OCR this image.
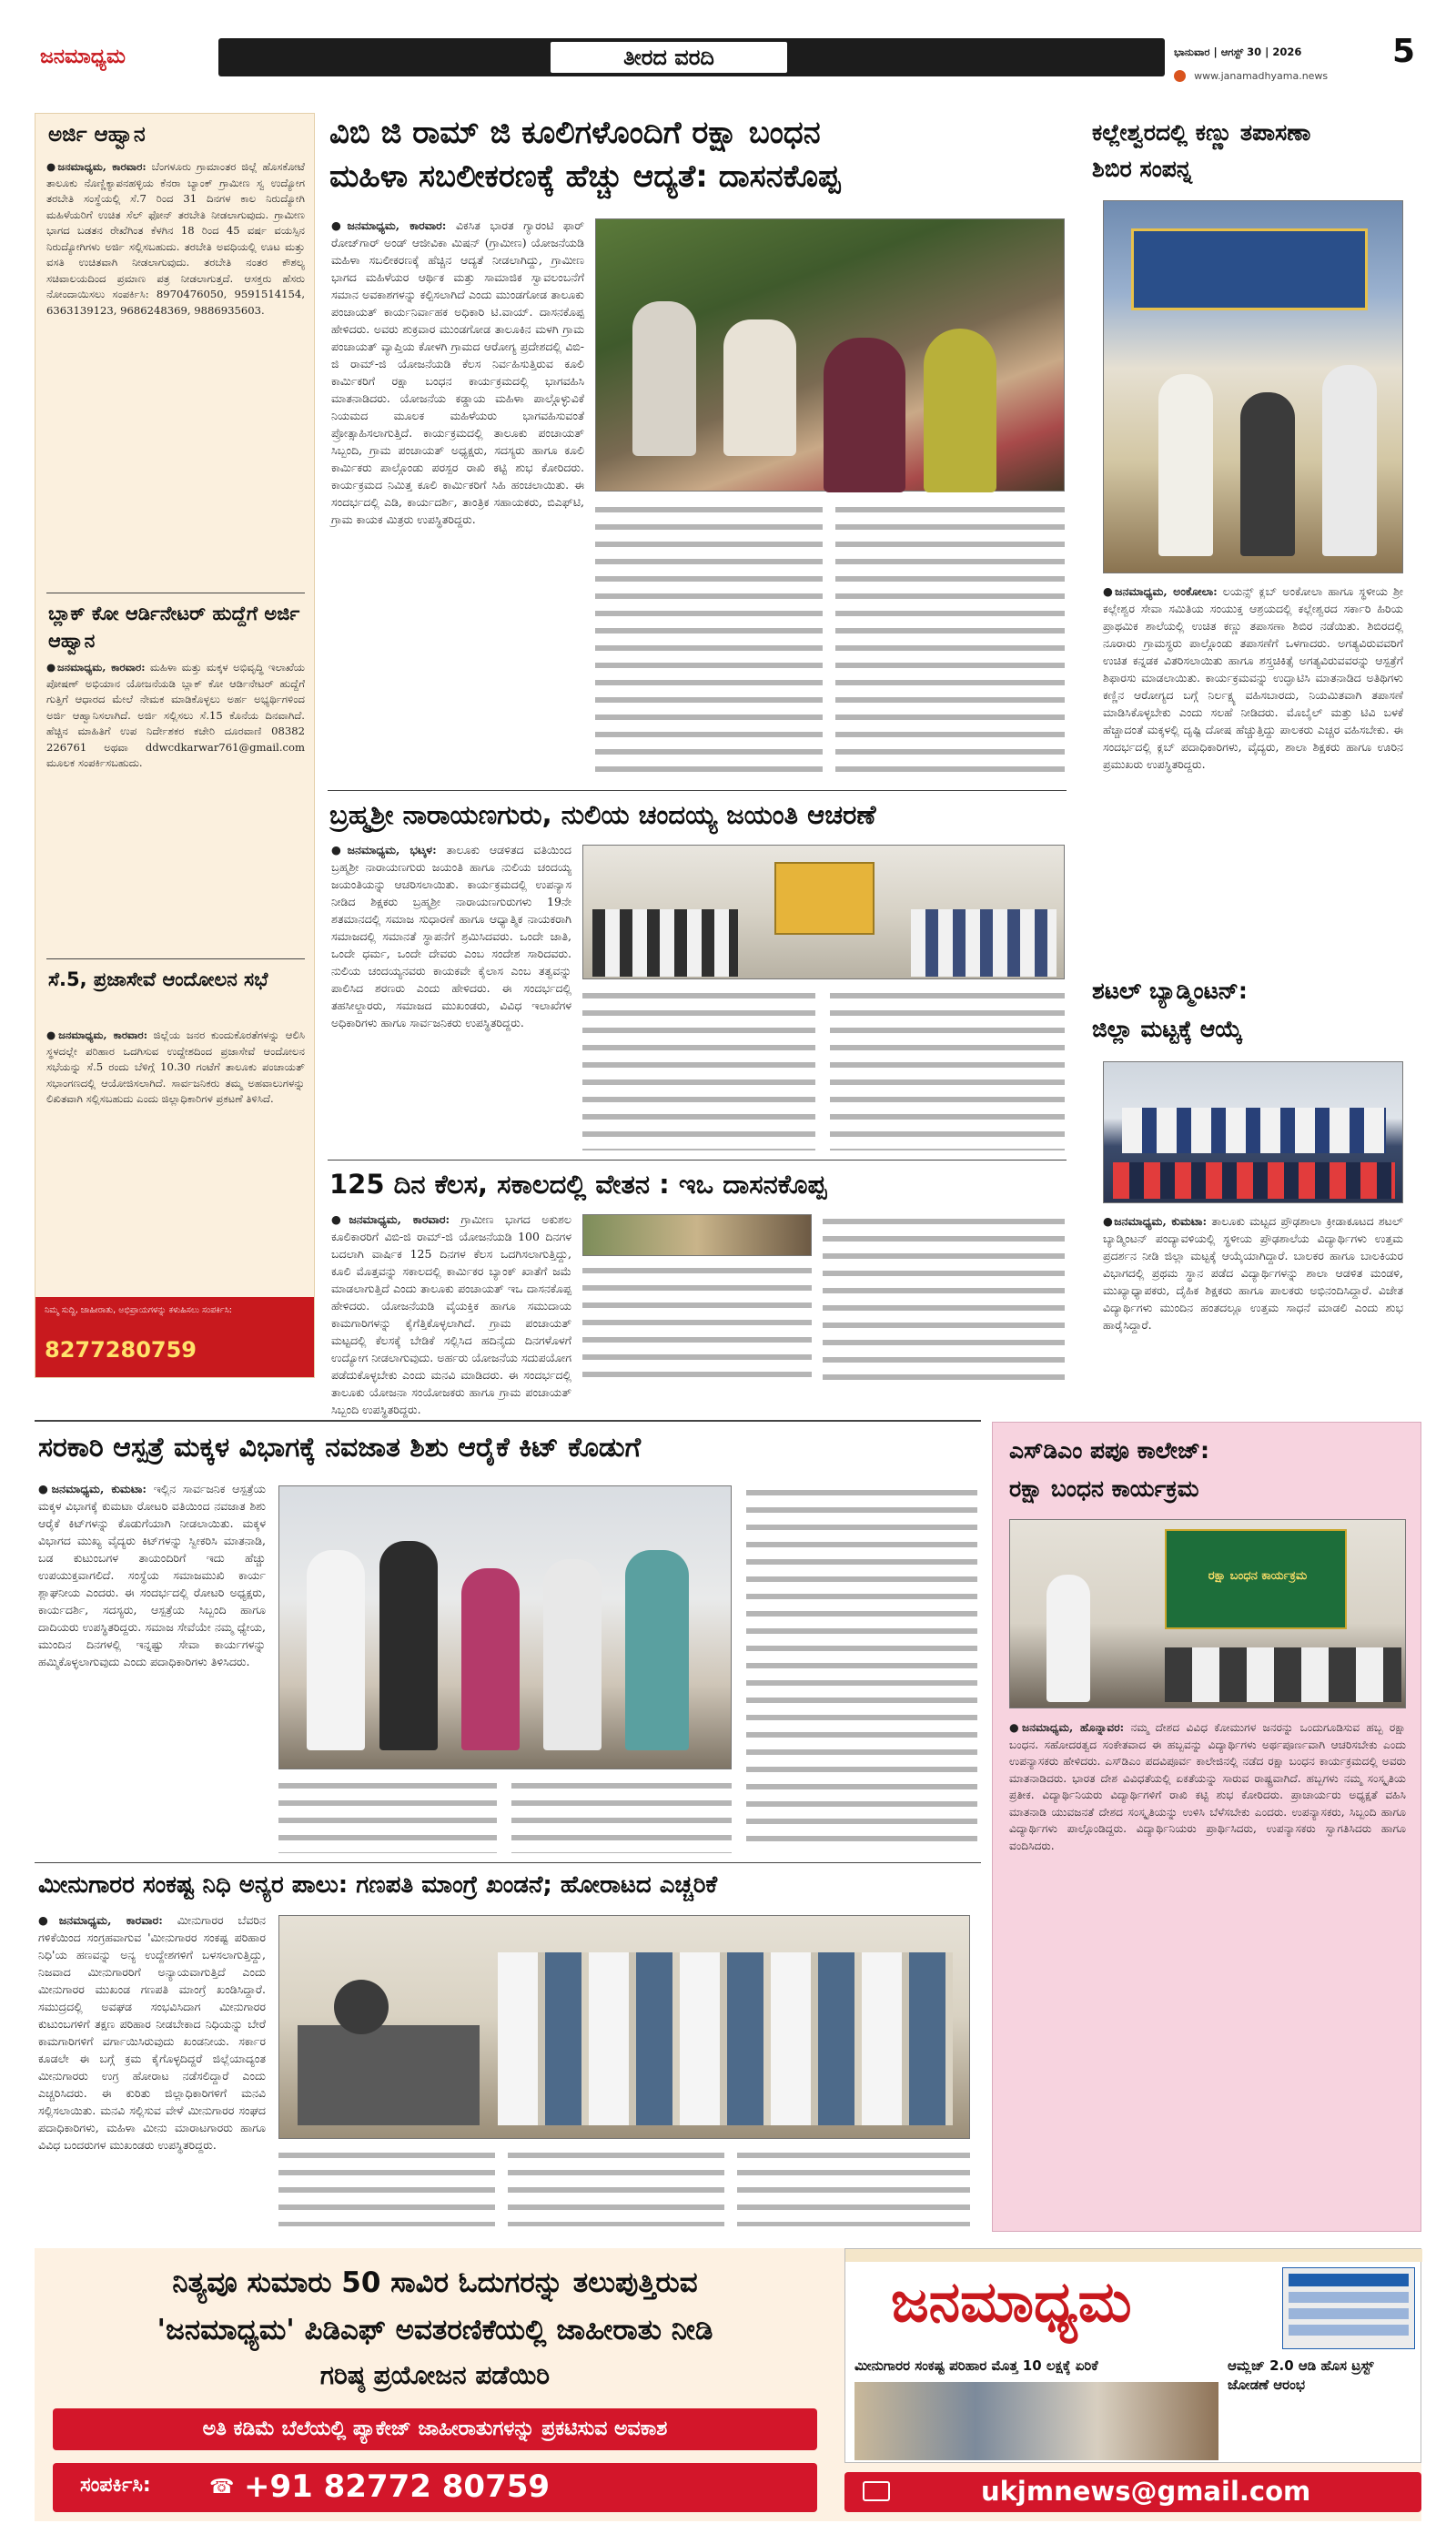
ಜನಮಾಧ್ಯಮ	ತೀರದ ವರದಿ	ಭಾನುವಾರ | ಆಗಸ್ಟ್ 30 | 2026	5
www.janamadhyama.news
ಅರ್ಜಿ ಆಹ್ವಾನ
●ಜನಮಾಧ್ಯಮ, ಕಾರವಾರ: ಬೆಂಗಳೂರು ಗ್ರಾಮಾಂತರ ಜಿಲ್ಲೆ ಹೊಸಕೋಟೆ ತಾಲೂಕು ನೊಣ್ಣಿಕ್ಯಾಪನಹಳ್ಳಿಯ ಕೆನರಾ ಬ್ಯಾಂಕ್ ಗ್ರಾಮೀಣ ಸ್ವ ಉದ್ಯೋಗ ತರಬೇತಿ ಸಂಸ್ಥೆಯಲ್ಲಿ ಸೆ.7 ರಿಂದ 31 ದಿನಗಳ ಕಾಲ ನಿರುದ್ಯೋಗಿ ಮಹಿಳೆಯರಿಗೆ ಉಚಿತ ಸೆಲ್ ಫೋನ್ ತರಬೇತಿ ನೀಡಲಾಗುವುದು. ಗ್ರಾಮೀಣ ಭಾಗದ ಬಡತನ ರೇಖೆಗಿಂತ ಕೆಳಗಿನ 18 ರಿಂದ 45 ವರ್ಷ ವಯಸ್ಸಿನ ನಿರುದ್ಯೋಗಿಗಳು ಅರ್ಜಿ ಸಲ್ಲಿಸಬಹುದು. ತರಬೇತಿ ಅವಧಿಯಲ್ಲಿ ಊಟ ಮತ್ತು ವಸತಿ ಉಚಿತವಾಗಿ ನೀಡಲಾಗುವುದು. ತರಬೇತಿ ನಂತರ ಕೌಶಲ್ಯ ಸಚಿವಾಲಯದಿಂದ ಪ್ರಮಾಣ ಪತ್ರ ನೀಡಲಾಗುತ್ತದೆ. ಆಸಕ್ತರು ಹೆಸರು ನೋಂದಾಯಿಸಲು ಸಂಪರ್ಕಿಸಿ: 8970476050, 9591514154, 6363139123, 9686248369, 9886935603.
ಬ್ಲಾಕ್ ಕೋ ಆರ್ಡಿನೇಟರ್ ಹುದ್ದೆಗೆ ಅರ್ಜಿ ಆಹ್ವಾನ
●ಜನಮಾಧ್ಯಮ, ಕಾರವಾರ: ಮಹಿಳಾ ಮತ್ತು ಮಕ್ಕಳ ಅಭಿವೃದ್ಧಿ ಇಲಾಖೆಯ ಪೋಷಣ್ ಅಭಿಯಾನ ಯೋಜನೆಯಡಿ ಬ್ಲಾಕ್ ಕೋ ಆರ್ಡಿನೇಟರ್ ಹುದ್ದೆಗೆ ಗುತ್ತಿಗೆ ಆಧಾರದ ಮೇಲೆ ನೇಮಕ ಮಾಡಿಕೊಳ್ಳಲು ಅರ್ಹ ಅಭ್ಯರ್ಥಿಗಳಿಂದ ಅರ್ಜಿ ಆಹ್ವಾನಿಸಲಾಗಿದೆ. ಅರ್ಜಿ ಸಲ್ಲಿಸಲು ಸೆ.15 ಕೊನೆಯ ದಿನವಾಗಿದೆ. ಹೆಚ್ಚಿನ ಮಾಹಿತಿಗೆ ಉಪ ನಿರ್ದೇಶಕರ ಕಚೇರಿ ದೂರವಾಣಿ 08382 226761 ಅಥವಾ ddwcdkarwar761@gmail.com ಮೂಲಕ ಸಂಪರ್ಕಿಸಬಹುದು.
ಸೆ.5, ಪ್ರಜಾಸೇವೆ ಆಂದೋಲನ ಸಭೆ
●ಜನಮಾಧ್ಯಮ, ಕಾರವಾರ: ಜಿಲ್ಲೆಯ ಜನರ ಕುಂದುಕೊರತೆಗಳನ್ನು ಆಲಿಸಿ ಸ್ಥಳದಲ್ಲೇ ಪರಿಹಾರ ಒದಗಿಸುವ ಉದ್ದೇಶದಿಂದ ಪ್ರಜಾಸೇವೆ ಆಂದೋಲನ ಸಭೆಯನ್ನು ಸೆ.5 ರಂದು ಬೆಳಿಗ್ಗೆ 10.30 ಗಂಟೆಗೆ ತಾಲೂಕು ಪಂಚಾಯತ್ ಸಭಾಂಗಣದಲ್ಲಿ ಆಯೋಜಿಸಲಾಗಿದೆ. ಸಾರ್ವಜನಿಕರು ತಮ್ಮ ಅಹವಾಲುಗಳನ್ನು ಲಿಖಿತವಾಗಿ ಸಲ್ಲಿಸಬಹುದು ಎಂದು ಜಿಲ್ಲಾಧಿಕಾರಿಗಳ ಪ್ರಕಟಣೆ ತಿಳಿಸಿದೆ.
ನಿಮ್ಮ ಸುದ್ದಿ, ಜಾಹೀರಾತು, ಅಭಿಪ್ರಾಯಗಳನ್ನು ಕಳುಹಿಸಲು ಸಂಪರ್ಕಿಸಿ:
8277280759
ವಿಬಿ ಜಿ ರಾಮ್ ಜಿ ಕೂಲಿಗಳೊಂದಿಗೆ ರಕ್ಷಾ ಬಂಧನ
ಮಹಿಳಾ ಸಬಲೀಕರಣಕ್ಕೆ ಹೆಚ್ಚು ಆದ್ಯತೆ: ದಾಸನಕೊಪ್ಪ
●ಜನಮಾಧ್ಯಮ, ಕಾರವಾರ: ವಿಕಸಿತ ಭಾರತ ಗ್ಯಾರಂಟಿ ಫಾರ್ ರೋಜ್‌ಗಾರ್ ಅಂಡ್ ಆಜೀವಿಕಾ ಮಿಷನ್ (ಗ್ರಾಮೀಣ) ಯೋಜನೆಯಡಿ ಮಹಿಳಾ ಸಬಲೀಕರಣಕ್ಕೆ ಹೆಚ್ಚಿನ ಆದ್ಯತೆ ನೀಡಲಾಗಿದ್ದು, ಗ್ರಾಮೀಣ ಭಾಗದ ಮಹಿಳೆಯರ ಆರ್ಥಿಕ ಮತ್ತು ಸಾಮಾಜಿಕ ಸ್ವಾವಲಂಬನೆಗೆ ಸಮಾನ ಅವಕಾಶಗಳನ್ನು ಕಲ್ಪಿಸಲಾಗಿದೆ ಎಂದು ಮುಂಡಗೋಡ ತಾಲೂಕು ಪಂಚಾಯತ್ ಕಾರ್ಯನಿರ್ವಾಹಕ ಅಧಿಕಾರಿ ಟಿ.ವಾಯ್. ದಾಸನಕೊಪ್ಪ ಹೇಳಿದರು. ಅವರು ಶುಕ್ರವಾರ ಮುಂಡಗೋಡ ತಾಲೂಕಿನ ಮಳಗಿ ಗ್ರಾಮ ಪಂಚಾಯತ್ ವ್ಯಾಪ್ತಿಯ ಕೋಳಗಿ ಗ್ರಾಮದ ಆರೋಗ್ಯ ಪ್ರದೇಶದಲ್ಲಿ ವಿಬಿ-ಜಿ ರಾಮ್-ಜಿ ಯೋಜನೆಯಡಿ ಕೆಲಸ ನಿರ್ವಹಿಸುತ್ತಿರುವ ಕೂಲಿ ಕಾರ್ಮಿಕರಿಗೆ ರಕ್ಷಾ ಬಂಧನ ಕಾರ್ಯಕ್ರಮದಲ್ಲಿ ಭಾಗವಹಿಸಿ ಮಾತನಾಡಿದರು. ಯೋಜನೆಯ ಕಡ್ಡಾಯ ಮಹಿಳಾ ಪಾಲ್ಗೊಳ್ಳುವಿಕೆ ನಿಯಮದ ಮೂಲಕ ಮಹಿಳೆಯರು ಭಾಗವಹಿಸುವಂತೆ ಪ್ರೋತ್ಸಾಹಿಸಲಾಗುತ್ತಿದೆ. ಕಾರ್ಯಕ್ರಮದಲ್ಲಿ ತಾಲೂಕು ಪಂಚಾಯತ್ ಸಿಬ್ಬಂದಿ, ಗ್ರಾಮ ಪಂಚಾಯತ್ ಅಧ್ಯಕ್ಷರು, ಸದಸ್ಯರು ಹಾಗೂ ಕೂಲಿ ಕಾರ್ಮಿಕರು ಪಾಲ್ಗೊಂಡು ಪರಸ್ಪರ ರಾಖಿ ಕಟ್ಟಿ ಶುಭ ಕೋರಿದರು. ಕಾರ್ಯಕ್ರಮದ ನಿಮಿತ್ತ ಕೂಲಿ ಕಾರ್ಮಿಕರಿಗೆ ಸಿಹಿ ಹಂಚಲಾಯಿತು. ಈ ಸಂದರ್ಭದಲ್ಲಿ ಎಡಿ, ಕಾರ್ಯದರ್ಶಿ, ತಾಂತ್ರಿಕ ಸಹಾಯಕರು, ಬಿಎಫ್‌ಟಿ, ಗ್ರಾಮ ಕಾಯಕ ಮಿತ್ರರು ಉಪಸ್ಥಿತರಿದ್ದರು.
ಕಲ್ಲೇಶ್ವರದಲ್ಲಿ ಕಣ್ಣು ತಪಾಸಣಾ
ಶಿಬಿರ ಸಂಪನ್ನ
●ಜನಮಾಧ್ಯಮ, ಅಂಕೋಲಾ: ಲಯನ್ಸ್ ಕ್ಲಬ್ ಅಂಕೋಲಾ ಹಾಗೂ ಸ್ಥಳೀಯ ಶ್ರೀ ಕಲ್ಲೇಶ್ವರ ಸೇವಾ ಸಮಿತಿಯ ಸಂಯುಕ್ತ ಆಶ್ರಯದಲ್ಲಿ ಕಲ್ಲೇಶ್ವರದ ಸರ್ಕಾರಿ ಹಿರಿಯ ಪ್ರಾಥಮಿಕ ಶಾಲೆಯಲ್ಲಿ ಉಚಿತ ಕಣ್ಣು ತಪಾಸಣಾ ಶಿಬಿರ ನಡೆಯಿತು. ಶಿಬಿರದಲ್ಲಿ ನೂರಾರು ಗ್ರಾಮಸ್ಥರು ಪಾಲ್ಗೊಂಡು ತಪಾಸಣೆಗೆ ಒಳಗಾದರು. ಅಗತ್ಯವಿರುವವರಿಗೆ ಉಚಿತ ಕನ್ನಡಕ ವಿತರಿಸಲಾಯಿತು ಹಾಗೂ ಶಸ್ತ್ರಚಿಕಿತ್ಸೆ ಅಗತ್ಯವಿರುವವರನ್ನು ಆಸ್ಪತ್ರೆಗೆ ಶಿಫಾರಸು ಮಾಡಲಾಯಿತು. ಕಾರ್ಯಕ್ರಮವನ್ನು ಉದ್ಘಾಟಿಸಿ ಮಾತನಾಡಿದ ಅತಿಥಿಗಳು ಕಣ್ಣಿನ ಆರೋಗ್ಯದ ಬಗ್ಗೆ ನಿರ್ಲಕ್ಷ್ಯ ವಹಿಸಬಾರದು, ನಿಯಮಿತವಾಗಿ ತಪಾಸಣೆ ಮಾಡಿಸಿಕೊಳ್ಳಬೇಕು ಎಂದು ಸಲಹೆ ನೀಡಿದರು. ಮೊಬೈಲ್ ಮತ್ತು ಟಿವಿ ಬಳಕೆ ಹೆಚ್ಚಾದಂತೆ ಮಕ್ಕಳಲ್ಲಿ ದೃಷ್ಟಿ ದೋಷ ಹೆಚ್ಚುತ್ತಿದ್ದು ಪಾಲಕರು ಎಚ್ಚರ ವಹಿಸಬೇಕು. ಈ ಸಂದರ್ಭದಲ್ಲಿ ಕ್ಲಬ್ ಪದಾಧಿಕಾರಿಗಳು, ವೈದ್ಯರು, ಶಾಲಾ ಶಿಕ್ಷಕರು ಹಾಗೂ ಊರಿನ ಪ್ರಮುಖರು ಉಪಸ್ಥಿತರಿದ್ದರು.
ಶಟಲ್ ಬ್ಯಾಡ್ಮಿಂಟನ್:
ಜಿಲ್ಲಾ ಮಟ್ಟಕ್ಕೆ ಆಯ್ಕೆ
●ಜನಮಾಧ್ಯಮ, ಕುಮಟಾ: ತಾಲೂಕು ಮಟ್ಟದ ಪ್ರೌಢಶಾಲಾ ಕ್ರೀಡಾಕೂಟದ ಶಟಲ್ ಬ್ಯಾಡ್ಮಿಂಟನ್ ಪಂದ್ಯಾವಳಿಯಲ್ಲಿ ಸ್ಥಳೀಯ ಪ್ರೌಢಶಾಲೆಯ ವಿದ್ಯಾರ್ಥಿಗಳು ಉತ್ತಮ ಪ್ರದರ್ಶನ ನೀಡಿ ಜಿಲ್ಲಾ ಮಟ್ಟಕ್ಕೆ ಆಯ್ಕೆಯಾಗಿದ್ದಾರೆ. ಬಾಲಕರ ಹಾಗೂ ಬಾಲಕಿಯರ ವಿಭಾಗದಲ್ಲಿ ಪ್ರಥಮ ಸ್ಥಾನ ಪಡೆದ ವಿದ್ಯಾರ್ಥಿಗಳನ್ನು ಶಾಲಾ ಆಡಳಿತ ಮಂಡಳಿ, ಮುಖ್ಯಾಧ್ಯಾಪಕರು, ದೈಹಿಕ ಶಿಕ್ಷಕರು ಹಾಗೂ ಪಾಲಕರು ಅಭಿನಂದಿಸಿದ್ದಾರೆ. ವಿಜೇತ ವಿದ್ಯಾರ್ಥಿಗಳು ಮುಂದಿನ ಹಂತದಲ್ಲೂ ಉತ್ತಮ ಸಾಧನೆ ಮಾಡಲಿ ಎಂದು ಶುಭ ಹಾರೈಸಿದ್ದಾರೆ.
ಬ್ರಹ್ಮಶ್ರೀ ನಾರಾಯಣಗುರು, ನುಲಿಯ ಚಂದಯ್ಯ ಜಯಂತಿ ಆಚರಣೆ
●ಜನಮಾಧ್ಯಮ, ಭಟ್ಕಳ: ತಾಲೂಕು ಆಡಳಿತದ ವತಿಯಿಂದ ಬ್ರಹ್ಮಶ್ರೀ ನಾರಾಯಣಗುರು ಜಯಂತಿ ಹಾಗೂ ನುಲಿಯ ಚಂದಯ್ಯ ಜಯಂತಿಯನ್ನು ಆಚರಿಸಲಾಯಿತು. ಕಾರ್ಯಕ್ರಮದಲ್ಲಿ ಉಪನ್ಯಾಸ ನೀಡಿದ ಶಿಕ್ಷಕರು ಬ್ರಹ್ಮಶ್ರೀ ನಾರಾಯಣಗುರುಗಳು 19ನೇ ಶತಮಾನದಲ್ಲಿ ಸಮಾಜ ಸುಧಾರಣೆ ಹಾಗೂ ಆಧ್ಯಾತ್ಮಿಕ ನಾಯಕರಾಗಿ ಸಮಾಜದಲ್ಲಿ ಸಮಾನತೆ ಸ್ಥಾಪನೆಗೆ ಶ್ರಮಿಸಿದವರು. ಒಂದೇ ಜಾತಿ, ಒಂದೇ ಧರ್ಮ, ಒಂದೇ ದೇವರು ಎಂಬ ಸಂದೇಶ ಸಾರಿದವರು. ನುಲಿಯ ಚಂದಯ್ಯನವರು ಕಾಯಕವೇ ಕೈಲಾಸ ಎಂಬ ತತ್ವವನ್ನು ಪಾಲಿಸಿದ ಶರಣರು ಎಂದು ಹೇಳಿದರು. ಈ ಸಂದರ್ಭದಲ್ಲಿ ತಹಸೀಲ್ದಾರರು, ಸಮಾಜದ ಮುಖಂಡರು, ವಿವಿಧ ಇಲಾಖೆಗಳ ಅಧಿಕಾರಿಗಳು ಹಾಗೂ ಸಾರ್ವಜನಿಕರು ಉಪಸ್ಥಿತರಿದ್ದರು.
125 ದಿನ ಕೆಲಸ, ಸಕಾಲದಲ್ಲಿ ವೇತನ : ಇಒ ದಾಸನಕೊಪ್ಪ
●ಜನಮಾಧ್ಯಮ, ಕಾರವಾರ: ಗ್ರಾಮೀಣ ಭಾಗದ ಅಕುಶಲ ಕೂಲಿಕಾರರಿಗೆ ವಿಬಿ-ಜಿ ರಾಮ್-ಜಿ ಯೋಜನೆಯಡಿ 100 ದಿನಗಳ ಬದಲಾಗಿ ವಾರ್ಷಿಕ 125 ದಿನಗಳ ಕೆಲಸ ಒದಗಿಸಲಾಗುತ್ತಿದ್ದು, ಕೂಲಿ ಮೊತ್ತವನ್ನು ಸಕಾಲದಲ್ಲಿ ಕಾರ್ಮಿಕರ ಬ್ಯಾಂಕ್ ಖಾತೆಗೆ ಜಮೆ ಮಾಡಲಾಗುತ್ತಿದೆ ಎಂದು ತಾಲೂಕು ಪಂಚಾಯತ್ ಇಒ ದಾಸನಕೊಪ್ಪ ಹೇಳಿದರು. ಯೋಜನೆಯಡಿ ವೈಯಕ್ತಿಕ ಹಾಗೂ ಸಮುದಾಯ ಕಾಮಗಾರಿಗಳನ್ನು ಕೈಗೆತ್ತಿಕೊಳ್ಳಲಾಗಿದೆ. ಗ್ರಾಮ ಪಂಚಾಯತ್ ಮಟ್ಟದಲ್ಲಿ ಕೆಲಸಕ್ಕೆ ಬೇಡಿಕೆ ಸಲ್ಲಿಸಿದ ಹದಿನೈದು ದಿನಗಳೊಳಗೆ ಉದ್ಯೋಗ ನೀಡಲಾಗುವುದು. ಅರ್ಹರು ಯೋಜನೆಯ ಸದುಪಯೋಗ ಪಡೆದುಕೊಳ್ಳಬೇಕು ಎಂದು ಮನವಿ ಮಾಡಿದರು. ಈ ಸಂದರ್ಭದಲ್ಲಿ ತಾಲೂಕು ಯೋಜನಾ ಸಂಯೋಜಕರು ಹಾಗೂ ಗ್ರಾಮ ಪಂಚಾಯತ್ ಸಿಬ್ಬಂದಿ ಉಪಸ್ಥಿತರಿದ್ದರು.
ಸರಕಾರಿ ಆಸ್ಪತ್ರೆ ಮಕ್ಕಳ ವಿಭಾಗಕ್ಕೆ ನವಜಾತ ಶಿಶು ಆರೈಕೆ ಕಿಟ್ ಕೊಡುಗೆ
●ಜನಮಾಧ್ಯಮ, ಕುಮಟಾ: ಇಲ್ಲಿನ ಸಾರ್ವಜನಿಕ ಆಸ್ಪತ್ರೆಯ ಮಕ್ಕಳ ವಿಭಾಗಕ್ಕೆ ಕುಮಟಾ ರೋಟರಿ ವತಿಯಿಂದ ನವಜಾತ ಶಿಶು ಆರೈಕೆ ಕಿಟ್‌ಗಳನ್ನು ಕೊಡುಗೆಯಾಗಿ ನೀಡಲಾಯಿತು. ಮಕ್ಕಳ ವಿಭಾಗದ ಮುಖ್ಯ ವೈದ್ಯರು ಕಿಟ್‌ಗಳನ್ನು ಸ್ವೀಕರಿಸಿ ಮಾತನಾಡಿ, ಬಡ ಕುಟುಂಬಗಳ ತಾಯಂದಿರಿಗೆ ಇದು ಹೆಚ್ಚು ಉಪಯುಕ್ತವಾಗಲಿದೆ. ಸಂಸ್ಥೆಯ ಸಮಾಜಮುಖಿ ಕಾರ್ಯ ಶ್ಲಾಘನೀಯ ಎಂದರು. ಈ ಸಂದರ್ಭದಲ್ಲಿ ರೋಟರಿ ಅಧ್ಯಕ್ಷರು, ಕಾರ್ಯದರ್ಶಿ, ಸದಸ್ಯರು, ಆಸ್ಪತ್ರೆಯ ಸಿಬ್ಬಂದಿ ಹಾಗೂ ದಾದಿಯರು ಉಪಸ್ಥಿತರಿದ್ದರು. ಸಮಾಜ ಸೇವೆಯೇ ನಮ್ಮ ಧ್ಯೇಯ, ಮುಂದಿನ ದಿನಗಳಲ್ಲಿ ಇನ್ನಷ್ಟು ಸೇವಾ ಕಾರ್ಯಗಳನ್ನು ಹಮ್ಮಿಕೊಳ್ಳಲಾಗುವುದು ಎಂದು ಪದಾಧಿಕಾರಿಗಳು ತಿಳಿಸಿದರು.
ಎಸ್‌ಡಿಎಂ ಪಪೂ ಕಾಲೇಜ್:
ರಕ್ಷಾ ಬಂಧನ ಕಾರ್ಯಕ್ರಮ
ರಕ್ಷಾ ಬಂಧನ ಕಾರ್ಯಕ್ರಮ
●ಜನಮಾಧ್ಯಮ, ಹೊನ್ನಾವರ: ನಮ್ಮ ದೇಶದ ವಿವಿಧ ಕೋಮುಗಳ ಜನರನ್ನು ಒಂದುಗೂಡಿಸುವ ಹಬ್ಬ ರಕ್ಷಾ ಬಂಧನ. ಸಹೋದರತ್ವದ ಸಂಕೇತವಾದ ಈ ಹಬ್ಬವನ್ನು ವಿದ್ಯಾರ್ಥಿಗಳು ಅರ್ಥಪೂರ್ಣವಾಗಿ ಆಚರಿಸಬೇಕು ಎಂದು ಉಪನ್ಯಾಸಕರು ಹೇಳಿದರು. ಎಸ್‌ಡಿಎಂ ಪದವಿಪೂರ್ವ ಕಾಲೇಜಿನಲ್ಲಿ ನಡೆದ ರಕ್ಷಾ ಬಂಧನ ಕಾರ್ಯಕ್ರಮದಲ್ಲಿ ಅವರು ಮಾತನಾಡಿದರು. ಭಾರತ ದೇಶ ವಿವಿಧತೆಯಲ್ಲಿ ಏಕತೆಯನ್ನು ಸಾರುವ ರಾಷ್ಟ್ರವಾಗಿದೆ. ಹಬ್ಬಗಳು ನಮ್ಮ ಸಂಸ್ಕೃತಿಯ ಪ್ರತೀಕ. ವಿದ್ಯಾರ್ಥಿನಿಯರು ವಿದ್ಯಾರ್ಥಿಗಳಿಗೆ ರಾಖಿ ಕಟ್ಟಿ ಶುಭ ಕೋರಿದರು. ಪ್ರಾಚಾರ್ಯರು ಅಧ್ಯಕ್ಷತೆ ವಹಿಸಿ ಮಾತನಾಡಿ ಯುವಜನತೆ ದೇಶದ ಸಂಸ್ಕೃತಿಯನ್ನು ಉಳಿಸಿ ಬೆಳೆಸಬೇಕು ಎಂದರು. ಉಪನ್ಯಾಸಕರು, ಸಿಬ್ಬಂದಿ ಹಾಗೂ ವಿದ್ಯಾರ್ಥಿಗಳು ಪಾಲ್ಗೊಂಡಿದ್ದರು. ವಿದ್ಯಾರ್ಥಿನಿಯರು ಪ್ರಾರ್ಥಿಸಿದರು, ಉಪನ್ಯಾಸಕರು ಸ್ವಾಗತಿಸಿದರು ಹಾಗೂ ವಂದಿಸಿದರು.
ಮೀನುಗಾರರ ಸಂಕಷ್ಟ ನಿಧಿ ಅನ್ಯರ ಪಾಲು: ಗಣಪತಿ ಮಾಂಗ್ರೆ ಖಂಡನೆ; ಹೋರಾಟದ ಎಚ್ಚರಿಕೆ
●ಜನಮಾಧ್ಯಮ, ಕಾರವಾರ: ಮೀನುಗಾರರ ಬೆವರಿನ ಗಳಿಕೆಯಿಂದ ಸಂಗ್ರಹವಾಗುವ 'ಮೀನುಗಾರರ ಸಂಕಷ್ಟ ಪರಿಹಾರ ನಿಧಿ'ಯ ಹಣವನ್ನು ಅನ್ಯ ಉದ್ದೇಶಗಳಿಗೆ ಬಳಸಲಾಗುತ್ತಿದ್ದು, ನಿಜವಾದ ಮೀನುಗಾರರಿಗೆ ಅನ್ಯಾಯವಾಗುತ್ತಿದೆ ಎಂದು ಮೀನುಗಾರರ ಮುಖಂಡ ಗಣಪತಿ ಮಾಂಗ್ರೆ ಖಂಡಿಸಿದ್ದಾರೆ. ಸಮುದ್ರದಲ್ಲಿ ಅವಘಡ ಸಂಭವಿಸಿದಾಗ ಮೀನುಗಾರರ ಕುಟುಂಬಗಳಿಗೆ ತಕ್ಷಣ ಪರಿಹಾರ ನೀಡಬೇಕಾದ ನಿಧಿಯನ್ನು ಬೇರೆ ಕಾಮಗಾರಿಗಳಿಗೆ ವರ್ಗಾಯಿಸಿರುವುದು ಖಂಡನೀಯ. ಸರ್ಕಾರ ಕೂಡಲೇ ಈ ಬಗ್ಗೆ ಕ್ರಮ ಕೈಗೊಳ್ಳದಿದ್ದರೆ ಜಿಲ್ಲೆಯಾದ್ಯಂತ ಮೀನುಗಾರರು ಉಗ್ರ ಹೋರಾಟ ನಡೆಸಲಿದ್ದಾರೆ ಎಂದು ಎಚ್ಚರಿಸಿದರು. ಈ ಕುರಿತು ಜಿಲ್ಲಾಧಿಕಾರಿಗಳಿಗೆ ಮನವಿ ಸಲ್ಲಿಸಲಾಯಿತು. ಮನವಿ ಸಲ್ಲಿಸುವ ವೇಳೆ ಮೀನುಗಾರರ ಸಂಘದ ಪದಾಧಿಕಾರಿಗಳು, ಮಹಿಳಾ ಮೀನು ಮಾರಾಟಗಾರರು ಹಾಗೂ ವಿವಿಧ ಬಂದರುಗಳ ಮುಖಂಡರು ಉಪಸ್ಥಿತರಿದ್ದರು.
ನಿತ್ಯವೂ ಸುಮಾರು 50 ಸಾವಿರ ಓದುಗರನ್ನು ತಲುಪುತ್ತಿರುವ
'ಜನಮಾಧ್ಯಮ' ಪಿಡಿಎಫ್ ಅವತರಣಿಕೆಯಲ್ಲಿ ಜಾಹೀರಾತು ನೀಡಿ
ಗರಿಷ್ಠ ಪ್ರಯೋಜನ ಪಡೆಯಿರಿ
ಅತಿ ಕಡಿಮೆ ಬೆಲೆಯಲ್ಲಿ ಪ್ಯಾಕೇಜ್ ಜಾಹೀರಾತುಗಳನ್ನು ಪ್ರಕಟಿಸುವ ಅವಕಾಶ
ಸಂಪರ್ಕಿಸಿ:	☎ +91 82772 80759
ಜನಮಾಧ್ಯಮ
ಮೀನುಗಾರರ ಸಂಕಷ್ಟ ಪರಿಹಾರ ಮೊತ್ತ 10 ಲಕ್ಷಕ್ಕೆ ಏರಿಕೆ	ಆಮ್ಲಜ್ 2.0 ಆಡಿ ಹೊಸ ಟ್ರಸ್ಟ್ ಜೋಡಣೆ ಆರಂಭ
ukjmnews@gmail.com
